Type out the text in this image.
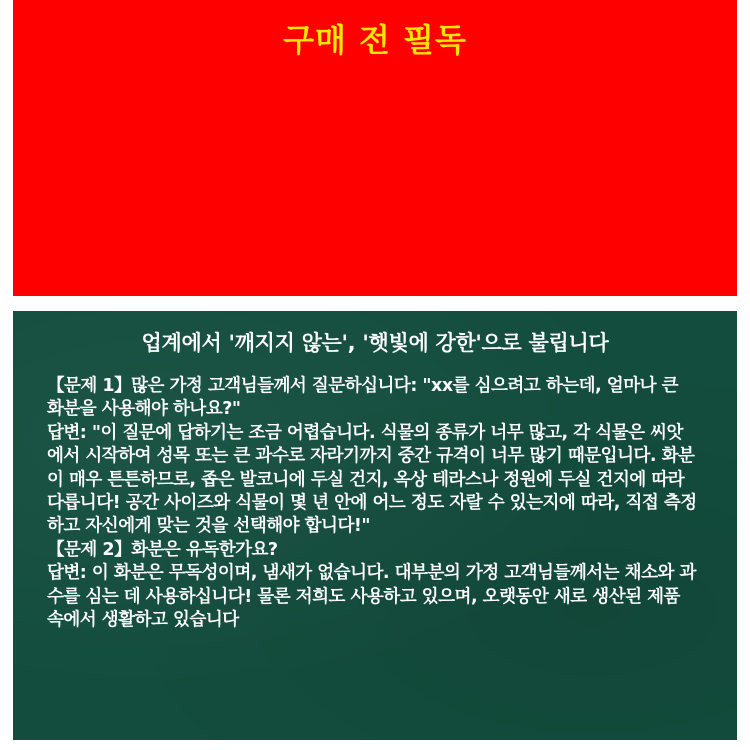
구매 전 필독
업계에서 '깨지지 않는', '햇빛에 강한'으로 불립니다

【문제 1】많은 가정 고객님들께서 질문하십니다: "xx를 심으려고 하는데, 얼마나 큰 화분을 사용해야 하나요?"

답변: "이 질문에 답하기는 조금 어렵습니다. 식물의 종류가 너무 많고, 각 식물은 씨앗에서 시작하여 성목 또는 큰 과수로 자라기까지 중간 규격이 너무 많기 때문입니다. 화분이 매우 튼튼하므로, 좁은 발코니에 두실 건지, 옥상 테라스나 정원에 두실 건지에 따라 다릅니다! 공간 사이즈와 식물이 몇 년 안에 어느 정도 자랄 수 있는지에 따라, 직접 측정하고 자신에게 맞는 것을 선택해야 합니다!"

【문제 2】화분은 유독한가요?

답변: 이 화분은 무독성이며, 냄새가 없습니다. 대부분의 가정 고객님들께서는 채소와 과수를 심는 데 사용하십니다! 물론 저희도 사용하고 있으며, 오랫동안 새로 생산된 제품 속에서 생활하고 있습니다
